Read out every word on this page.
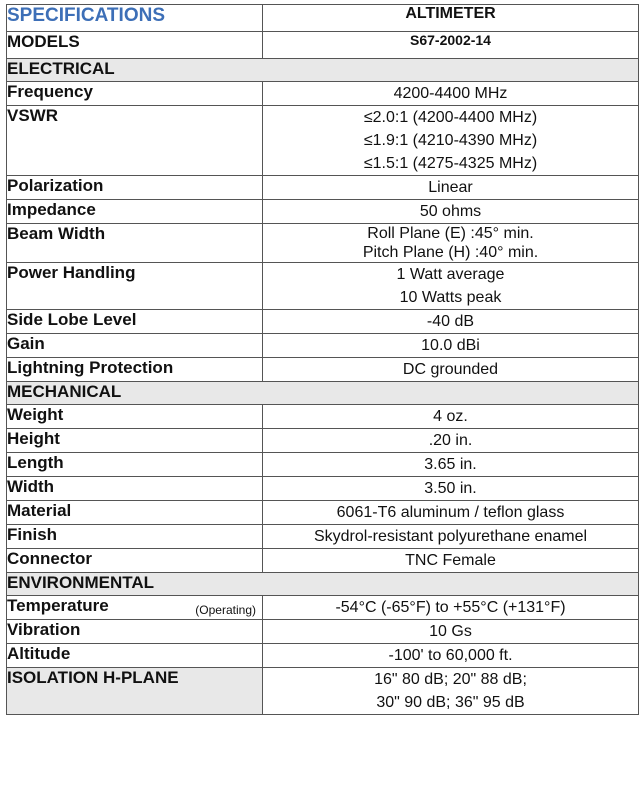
SPECIFICATIONS	ALTIMETER
MODELS	S67-2002-14
ELECTRICAL	
Frequency	4200-4400 MHz

VSWR	≤2.0:1 (4200-4400 MHz)
≤1.9:1 (4210-4390 MHz)
≤1.5:1 (4275-4325 MHz)

Polarization	Linear

Impedance	50 ohms

Beam Width	Roll Plane (E) :45° min.
Pitch Plane (H) :40° min.

Power Handling	1 Watt average
10 Watts peak

Side Lobe Level	-40 dB

Gain	10.0 dBi

Lightning Protection	DC grounded

MECHANICAL	
Weight	4 oz.

Height	.20 in.

Length	3.65 in.

Width	3.50 in.

Material	6061-T6 aluminum / teflon glass

Finish	Skydrol-resistant polyurethane enamel

Connector	TNC Female

ENVIRONMENTAL	
Temperature (Operating)	-54°C (-65°F) to +55°C (+131°F)

Vibration	10 Gs

Altitude	-100' to 60,000 ft.

ISOLATION H-PLANE	16" 80 dB; 20" 88 dB;
30" 90 dB; 36" 95 dB
